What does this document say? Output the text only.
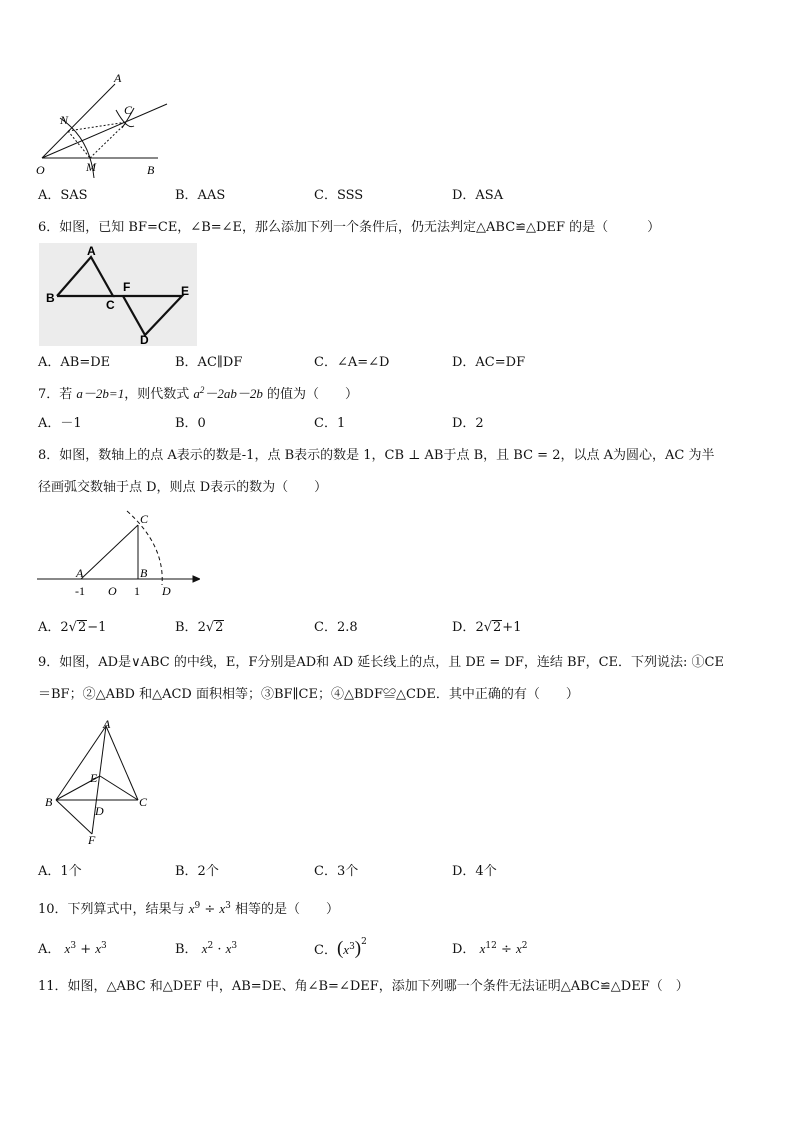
A
C
N
O	M	B
A．SAS	B．AAS	C．SSS	D．ASA
6．如图，已知 BF=CE，∠B=∠E，那么添加下列一个条件后，仍无法判定△ABC≌△DEF 的是（　　　）
A
B	C
F	E
D
A．AB=DE	B．AC∥DF	C．∠A=∠D	D．AC=DF
7．若 a－2b=1，则代数式 $a^2-2ab-2b$ 的值为（　　）
A．－1	B．0	C．1	D．2
8．如图，数轴上的点 A表示的数是-1，点 B表示的数是 1，CB ⊥ AB于点 B，且 BC = 2，以点 A为圆心，AC 为半
径画弧交数轴于点 D，则点 D表示的数为（　　）
C
A	B
D
O
-1	1
A．2√2−1	B．2√2	C．2.8	D．2√2+1
9．如图，AD是∨ABC 的中线，E，F分别是AD和 AD 延长线上的点，且 DE = DF，连结 BF，CE．下列说法: ①CE
＝BF；②△ABD 和△ACD 面积相等；③BF∥CE；④△BDF≌△CDE．其中正确的有（　　）
A
E
B	C
D
F
A．1个	B．2个	C．3个	D．4个
10．下列算式中，结果与 $x^9 \div x^3$ 相等的是（　　）
A． $x^3 + x^3$	B． $x^2 \cdot x^3$	C．$(x^3)^2$	D． $x^{12} \div x^2$
11．如图，△ABC 和△DEF 中，AB=DE、角∠B=∠DEF，添加下列哪一个条件无法证明△ABC≌△DEF（　）
